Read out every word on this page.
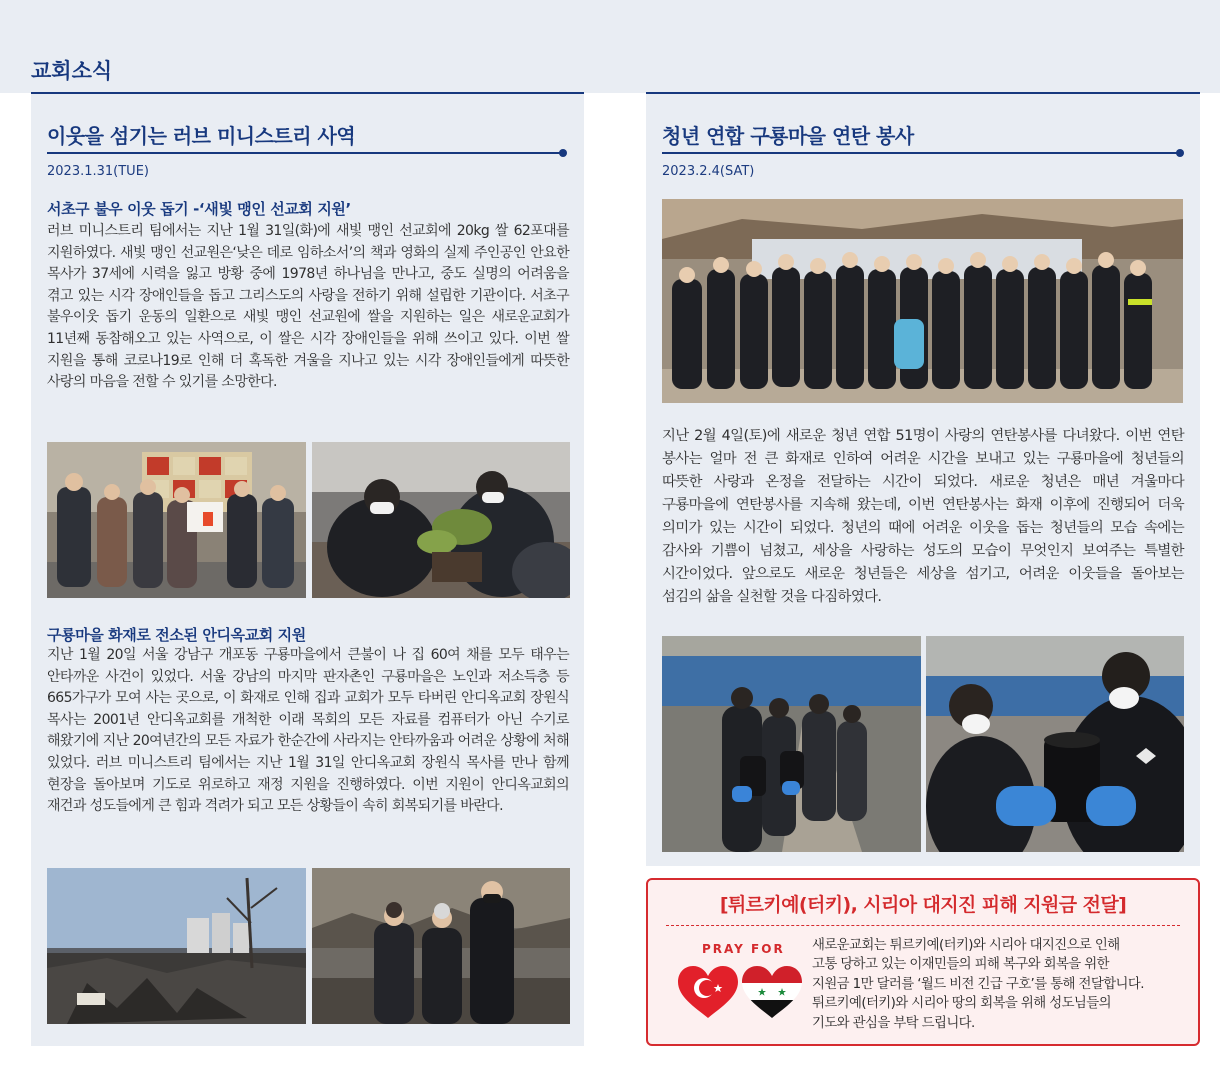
교회소식
이웃을 섬기는 러브 미니스트리 사역
2023.1.31(TUE)
서초구 불우 이웃 돕기 -‘새빛 맹인 선교회 지원’
러브 미니스트리 팀에서는 지난 1월 31일(화)에 새빛 맹인 선교회에 20kg 쌀 62포대를 지원하였다. 새빛 맹인 선교원은‘낮은 데로 임하소서’의 책과 영화의 실제 주인공인 안요한 목사가 37세에 시력을 잃고 방황 중에 1978년 하나님을 만나고, 중도 실명의 어려움을 겪고 있는 시각 장애인들을 돕고 그리스도의 사랑을 전하기 위해 설립한 기관이다. 서초구 불우이웃 돕기 운동의 일환으로 새빛 맹인 선교원에 쌀을 지원하는 일은 새로운교회가 11년째 동참해오고 있는 사역으로, 이 쌀은 시각 장애인들을 위해 쓰이고 있다. 이번 쌀 지원을 통해 코로나19로 인해 더 혹독한 겨울을 지나고 있는 시각 장애인들에게 따뜻한 사랑의 마음을 전할 수 있기를 소망한다.
구룡마을 화재로 전소된 안디옥교회 지원
지난 1월 20일 서울 강남구 개포동 구룡마을에서 큰불이 나 집 60여 채를 모두 태우는 안타까운 사건이 있었다. 서울 강남의 마지막 판자촌인 구룡마을은 노인과 저소득층 등 665가구가 모여 사는 곳으로, 이 화재로 인해 집과 교회가 모두 타버린 안디옥교회 장원식 목사는 2001년 안디옥교회를 개척한 이래 목회의 모든 자료를 컴퓨터가 아닌 수기로 해왔기에 지난 20여년간의 모든 자료가 한순간에 사라지는 안타까움과 어려운 상황에 처해 있었다. 러브 미니스트리 팀에서는 지난 1월 31일 안디옥교회 장원식 목사를 만나 함께 현장을 돌아보며 기도로 위로하고 재정 지원을 진행하였다. 이번 지원이 안디옥교회의 재건과 성도들에게 큰 힘과 격려가 되고 모든 상황들이 속히 회복되기를 바란다.
청년 연합 구룡마을 연탄 봉사
2023.2.4(SAT)
지난 2월 4일(토)에 새로운 청년 연합 51명이 사랑의 연탄봉사를 다녀왔다. 이번 연탄 봉사는 얼마 전 큰 화재로 인하여 어려운 시간을 보내고 있는 구룡마을에 청년들의 따뜻한 사랑과 온정을 전달하는 시간이 되었다. 새로운 청년은 매년 겨울마다 구룡마을에 연탄봉사를 지속해 왔는데, 이번 연탄봉사는 화재 이후에 진행되어 더욱 의미가 있는 시간이 되었다. 청년의 때에 어려운 이웃을 돕는 청년들의 모습 속에는 감사와 기쁨이 넘쳤고, 세상을 사랑하는 성도의 모습이 무엇인지 보여주는 특별한 시간이었다. 앞으로도 새로운 청년들은 세상을 섬기고, 어려운 이웃들을 돌아보는 섬김의 삶을 실천할 것을 다짐하였다.
[튀르키예(터키), 시리아 대지진 피해 지원금 전달]
PRAY FOR 새로운교회는 튀르키예(터키)와 시리아 대지진으로 인해
고통 당하고 있는 이재민들의 피해 복구와 회복을 위한
지원금 1만 달러를 ‘월드 비전 긴급 구호’를 통해 전달합니다.
튀르키예(터키)와 시리아 땅의 회복을 위해 성도님들의
기도와 관심을 부탁 드립니다.
